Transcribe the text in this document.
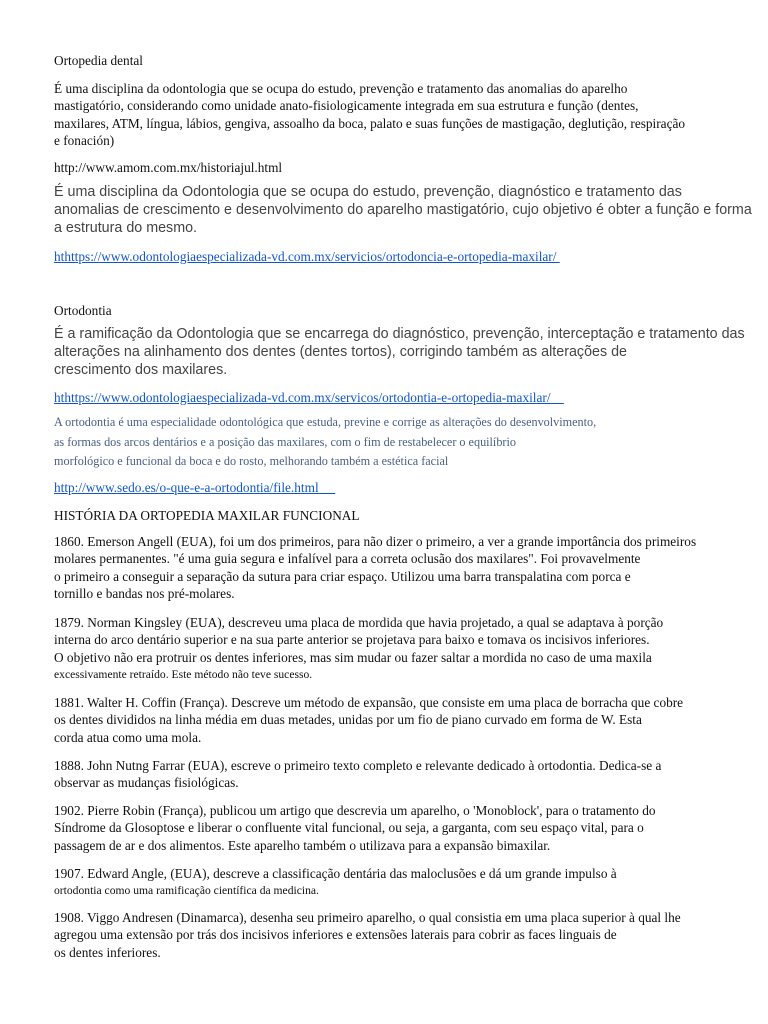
Ortopedia dental
É uma disciplina da odontologia que se ocupa do estudo, prevenção e tratamento das anomalias do aparelho
mastigatório, considerando como unidade anato-fisiologicamente integrada em sua estrutura e função (dentes,
maxilares, ATM, língua, lábios, gengiva, assoalho da boca, palato e suas funções de mastigação, deglutição, respiração
e fonación)
http://www.amom.com.mx/historiajul.html
É uma disciplina da Odontologia que se ocupa do estudo, prevenção, diagnóstico e tratamento das
anomalias de crescimento e desenvolvimento do aparelho mastigatório, cujo objetivo é obter a função e forma
a estrutura do mesmo.
hthttps://www.odontologiaespecializada-vd.com.mx/servicios/ortodoncia-e-ortopedia-maxilar/
Ortodontia
É a ramificação da Odontologia que se encarrega do diagnóstico, prevenção, interceptação e tratamento das
alterações na alinhamento dos dentes (dentes tortos), corrigindo também as alterações de
crescimento dos maxilares.
hthttps://www.odontologiaespecializada-vd.com.mx/servicos/ortodontia-e-ortopedia-maxilar/
A ortodontia é uma especialidade odontológica que estuda, previne e corrige as alterações do desenvolvimento,
as formas dos arcos dentários e a posição das maxilares, com o fim de restabelecer o equilíbrio
morfológico e funcional da boca e do rosto, melhorando também a estética facial
http://www.sedo.es/o-que-e-a-ortodontia/file.html
HISTÓRIA DA ORTOPEDIA MAXILAR FUNCIONAL
1860. Emerson Angell (EUA), foi um dos primeiros, para não dizer o primeiro, a ver a grande importância dos primeiros
molares permanentes. "é uma guia segura e infalível para a correta oclusão dos maxilares". Foi provavelmente
o primeiro a conseguir a separação da sutura para criar espaço. Utilizou uma barra transpalatina com porca e
tornillo e bandas nos pré-molares.
1879. Norman Kingsley (EUA), descreveu uma placa de mordida que havia projetado, a qual se adaptava à porção
interna do arco dentário superior e na sua parte anterior se projetava para baixo e tomava os incisivos inferiores.
O objetivo não era protruir os dentes inferiores, mas sim mudar ou fazer saltar a mordida no caso de uma maxila
excessivamente retraído. Este método não teve sucesso.
1881. Walter H. Coffin (França). Descreve um método de expansão, que consiste em uma placa de borracha que cobre
os dentes divididos na linha média em duas metades, unidas por um fio de piano curvado em forma de W. Esta
corda atua como uma mola.
1888. John Nutng Farrar (EUA), escreve o primeiro texto completo e relevante dedicado à ortodontia. Dedica-se a
observar as mudanças fisiológicas.
1902. Pierre Robin (França), publicou um artigo que descrevia um aparelho, o 'Monoblock', para o tratamento do
Síndrome da Glosoptose e liberar o confluente vital funcional, ou seja, a garganta, com seu espaço vital, para o
passagem de ar e dos alimentos. Este aparelho também o utilizava para a expansão bimaxilar.
1907. Edward Angle, (EUA), descreve a classificação dentária das maloclusões e dá um grande impulso à
ortodontia como uma ramificação científica da medicina.
1908. Viggo Andresen (Dinamarca), desenha seu primeiro aparelho, o qual consistia em uma placa superior à qual lhe
agregou uma extensão por trás dos incisivos inferiores e extensões laterais para cobrir as faces linguais de
os dentes inferiores.
